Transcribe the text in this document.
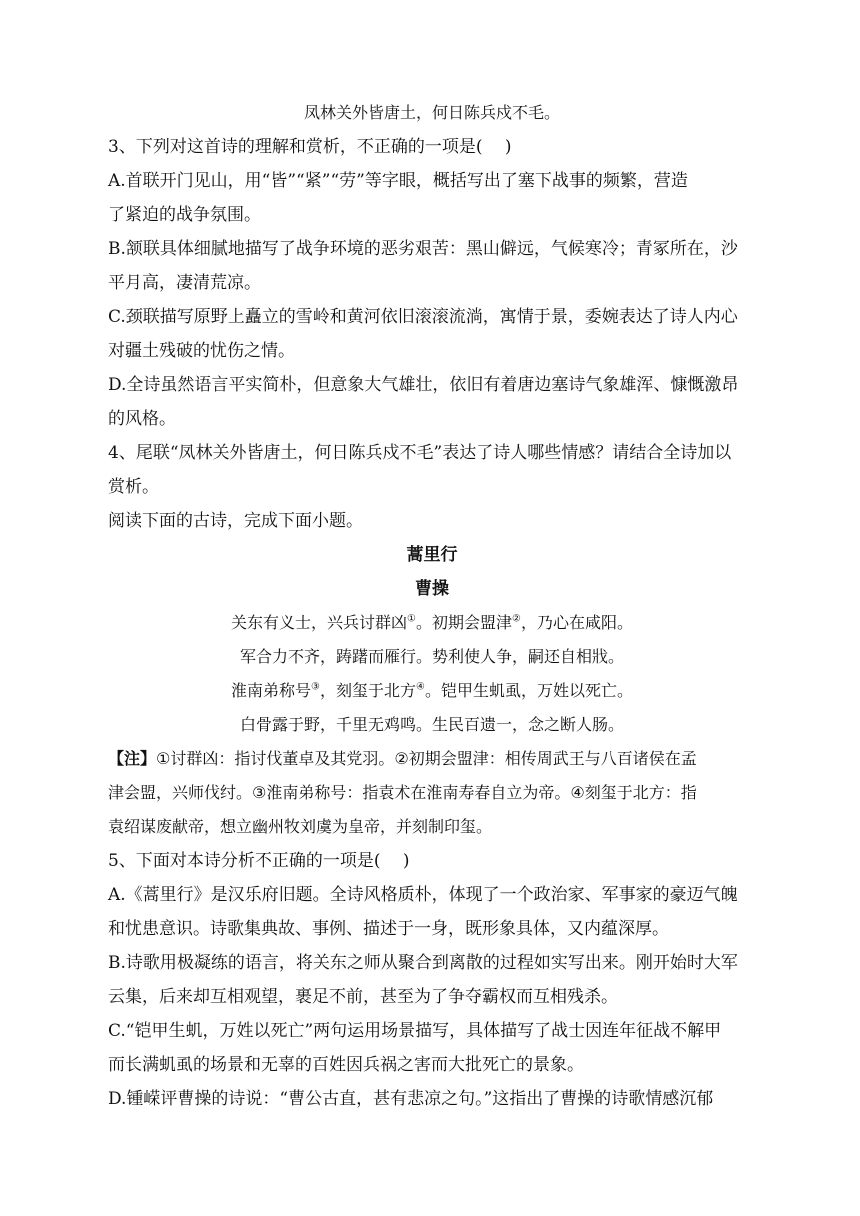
凤林关外皆唐土，何日陈兵戍不毛。
3、下列对这首诗的理解和赏析，不正确的一项是(　 )
A.首联开门见山，用“皆”“紧”“劳”等字眼，概括写出了塞下战事的频繁，营造
了紧迫的战争氛围。
B.颔联具体细腻地描写了战争环境的恶劣艰苦：黑山僻远，气候寒冷；青冢所在，沙
平月高，凄清荒凉。
C.颈联描写原野上矗立的雪岭和黄河依旧滚滚流淌，寓情于景，委婉表达了诗人内心
对疆土残破的忧伤之情。
D.全诗虽然语言平实简朴，但意象大气雄壮，依旧有着唐边塞诗气象雄浑、慷慨激昂
的风格。
4、尾联“凤林关外皆唐土，何日陈兵戍不毛”表达了诗人哪些情感？请结合全诗加以
赏析。
阅读下面的古诗，完成下面小题。
蒿里行
曹操
关东有义士，兴兵讨群凶①。初期会盟津②，乃心在咸阳。
军合力不齐，踌躇而雁行。势利使人争，嗣还自相戕。
淮南弟称号③，刻玺于北方④。铠甲生虮虱，万姓以死亡。
白骨露于野，千里无鸡鸣。生民百遗一，念之断人肠。
【注】①讨群凶：指讨伐董卓及其党羽。②初期会盟津：相传周武王与八百诸侯在孟
津会盟，兴师伐纣。③淮南弟称号：指袁术在淮南寿春自立为帝。④刻玺于北方：指
袁绍谋废献帝，想立幽州牧刘虞为皇帝，并刻制印玺。
5、下面对本诗分析不正确的一项是(　 )
A.《蒿里行》是汉乐府旧题。全诗风格质朴，体现了一个政治家、军事家的豪迈气魄
和忧患意识。诗歌集典故、事例、描述于一身，既形象具体，又内蕴深厚。
B.诗歌用极凝练的语言，将关东之师从聚合到离散的过程如实写出来。刚开始时大军
云集，后来却互相观望，裹足不前，甚至为了争夺霸权而互相残杀。
C.“铠甲生虮，万姓以死亡”两句运用场景描写，具体描写了战士因连年征战不解甲
而长满虮虱的场景和无辜的百姓因兵祸之害而大批死亡的景象。
D.锺嵘评曹操的诗说：“曹公古直，甚有悲凉之句。”这指出了曹操的诗歌情感沉郁
